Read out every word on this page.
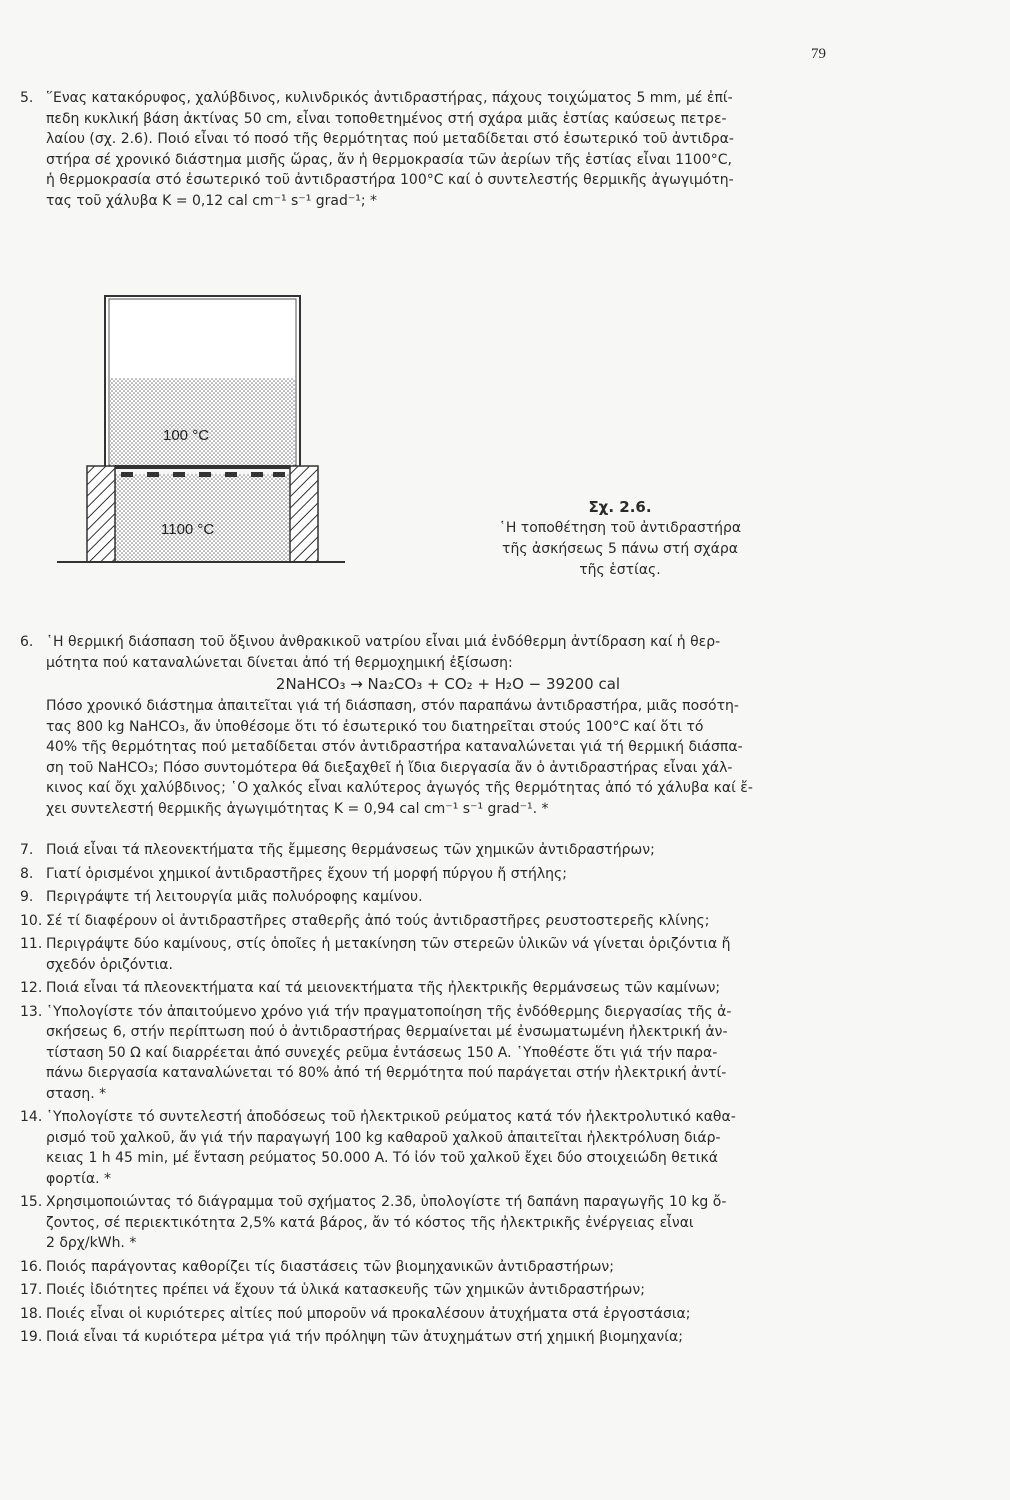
79
5. ῞Ενας κατακόρυφος, χαλύβδινος, κυλινδρικός ἀντιδραστήρας, πάχους τοιχώματος 5 mm, μέ ἐπί-
πεδη κυκλική βάση ἀκτίνας 50 cm, εἶναι τοποθετημένος στή σχάρα μιᾶς ἑστίας καύσεως πετρε-
λαίου (σχ. 2.6). Ποιό εἶναι τό ποσό τῆς θερμότητας πού μεταδίδεται στό ἐσωτερικό τοῦ ἀντιδρα-
στήρα σέ χρονικό διάστημα μισῆς ὥρας, ἄν ἡ θερμοκρασία τῶν ἀερίων τῆς ἑστίας εἶναι 1100°C,
ἡ θερμοκρασία στό ἐσωτερικό τοῦ ἀντιδραστήρα 100°C καί ὁ συντελεστής θερμικῆς ἀγωγιμότη-
τας τοῦ χάλυβα K = 0,12 cal cm⁻¹ s⁻¹ grad⁻¹; *
6. ῾Η θερμική διάσπαση τοῦ ὄξινου ἀνθρακικοῦ νατρίου εἶναι μιά ἐνδόθερμη ἀντίδραση καί ἡ θερ-
μότητα πού καταναλώνεται δίνεται ἀπό τή θερμοχημική ἐξίσωση:
2NaHCO₃ → Na₂CO₃ + CO₂ + H₂O − 39200 cal
Πόσο χρονικό διάστημα ἀπαιτεῖται γιά τή διάσπαση, στόν παραπάνω ἀντιδραστήρα, μιᾶς ποσότη-
τας 800 kg NaHCO₃, ἄν ὑποθέσομε ὅτι τό ἐσωτερικό του διατηρεῖται στούς 100°C καί ὅτι τό
40% τῆς θερμότητας πού μεταδίδεται στόν ἀντιδραστήρα καταναλώνεται γιά τή θερμική διάσπα-
ση τοῦ NaHCO₃; Πόσο συντομότερα θά διεξαχθεῖ ἡ ἴδια διεργασία ἄν ὁ ἀντιδραστήρας εἶναι χάλ-
κινος καί ὄχι χαλύβδινος; ῾Ο χαλκός εἶναι καλύτερος ἀγωγός τῆς θερμότητας ἀπό τό χάλυβα καί ἔ-
χει συντελεστή θερμικῆς ἀγωγιμότητας K = 0,94 cal cm⁻¹ s⁻¹ grad⁻¹. *
7. Ποιά εἶναι τά πλεονεκτήματα τῆς ἔμμεσης θερμάνσεως τῶν χημικῶν ἀντιδραστήρων;
8. Γιατί ὁρισμένοι χημικοί ἀντιδραστῆρες ἔχουν τή μορφή πύργου ἤ στήλης;
9. Περιγράψτε τή λειτουργία μιᾶς πολυόροφης καμίνου.
10. Σέ τί διαφέρουν οἱ ἀντιδραστῆρες σταθερῆς ἀπό τούς ἀντιδραστῆρες ρευστοστερεῆς κλίνης;
11. Περιγράψτε δύο καμίνους, στίς ὁποῖες ἡ μετακίνηση τῶν στερεῶν ὑλικῶν νά γίνεται ὁριζόντια ἤ
σχεδόν ὁριζόντια.
12. Ποιά εἶναι τά πλεονεκτήματα καί τά μειονεκτήματα τῆς ἠλεκτρικῆς θερμάνσεως τῶν καμίνων;
13. ῾Υπολογίστε τόν ἀπαιτούμενο χρόνο γιά τήν πραγματοποίηση τῆς ἐνδόθερμης διεργασίας τῆς ἀ-
σκήσεως 6, στήν περίπτωση πού ὁ ἀντιδραστήρας θερμαίνεται μέ ἐνσωματωμένη ἠλεκτρική ἀν-
τίσταση 50 Ω καί διαρρέεται ἀπό συνεχές ρεῦμα ἐντάσεως 150 A. ῾Υποθέστε ὅτι γιά τήν παρα-
πάνω διεργασία καταναλώνεται τό 80% ἀπό τή θερμότητα πού παράγεται στήν ἠλεκτρική ἀντί-
σταση. *
14. ῾Υπολογίστε τό συντελεστή ἀποδόσεως τοῦ ἠλεκτρικοῦ ρεύματος κατά τόν ἠλεκτρολυτικό καθα-
ρισμό τοῦ χαλκοῦ, ἄν γιά τήν παραγωγή 100 kg καθαροῦ χαλκοῦ ἀπαιτεῖται ἠλεκτρόλυση διάρ-
κειας 1 h 45 min, μέ ἔνταση ρεύματος 50.000 A. Τό ἰόν τοῦ χαλκοῦ ἔχει δύο στοιχειώδη θετικά
φορτία. *
15. Χρησιμοποιώντας τό διάγραμμα τοῦ σχήματος 2.3δ, ὑπολογίστε τή δαπάνη παραγωγῆς 10 kg ὄ-
ζοντος, σέ περιεκτικότητα 2,5% κατά βάρος, ἄν τό κόστος τῆς ἠλεκτρικῆς ἐνέργειας εἶναι
2 δρχ/kWh. *
16. Ποιός παράγοντας καθορίζει τίς διαστάσεις τῶν βιομηχανικῶν ἀντιδραστήρων;
17. Ποιές ἰδιότητες πρέπει νά ἔχουν τά ὑλικά κατασκευῆς τῶν χημικῶν ἀντιδραστήρων;
18. Ποιές εἶναι οἱ κυριότερες αἰτίες πού μποροῦν νά προκαλέσουν ἀτυχήματα στά ἐργοστάσια;
19. Ποιά εἶναι τά κυριότερα μέτρα γιά τήν πρόληψη τῶν ἀτυχημάτων στή χημική βιομηχανία;
100 °C
1100 °C
Σχ. 2.6.
῾Η τοποθέτηση τοῦ ἀντιδραστήρα
τῆς ἀσκήσεως 5 πάνω στή σχάρα
τῆς ἑστίας.
